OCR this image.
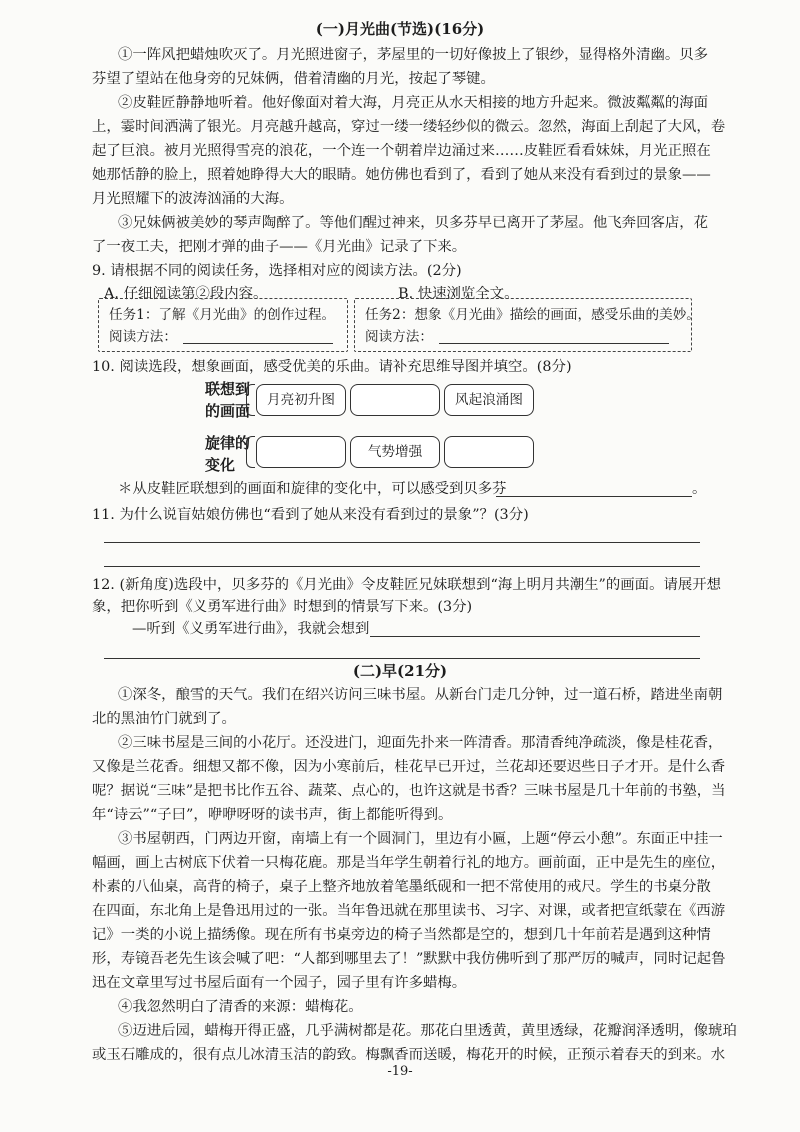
(一)月光曲(节选)(16分)
①一阵风把蜡烛吹灭了。月光照进窗子，茅屋里的一切好像披上了银纱，显得格外清幽。贝多
芬望了望站在他身旁的兄妹俩，借着清幽的月光，按起了琴键。
②皮鞋匠静静地听着。他好像面对着大海，月亮正从水天相接的地方升起来。微波粼粼的海面
上，霎时间洒满了银光。月亮越升越高，穿过一缕一缕轻纱似的微云。忽然，海面上刮起了大风，卷
起了巨浪。被月光照得雪亮的浪花，一个连一个朝着岸边涌过来……皮鞋匠看看妹妹，月光正照在
她那恬静的脸上，照着她睁得大大的眼睛。她仿佛也看到了，看到了她从来没有看到过的景象——
月光照耀下的波涛汹涌的大海。
③兄妹俩被美妙的琴声陶醉了。等他们醒过神来，贝多芬早已离开了茅屋。他飞奔回客店，花
了一夜工夫，把刚才弹的曲子——《月光曲》记录了下来。
9. 请根据不同的阅读任务，选择相对应的阅读方法。(2分)
A. 仔细阅读第②段内容。	B. 快速浏览全文。
任务1：了解《月光曲》的创作过程。
阅读方法：
任务2：想象《月光曲》描绘的画面，感受乐曲的美妙。
阅读方法：
10. 阅读选段，想象画面，感受优美的乐曲。请补充思维导图并填空。(8分)
联想到
的画面
月亮初升图	风起浪涌图
旋律的
变化
气势增强
＊从皮鞋匠联想到的画面和旋律的变化中，可以感受到贝多芬	。
11. 为什么说盲姑娘仿佛也“看到了她从来没有看到过的景象”？(3分)
12. (新角度)选段中，贝多芬的《月光曲》令皮鞋匠兄妹联想到“海上明月共潮生”的画面。请展开想
象，把你听到《义勇军进行曲》时想到的情景写下来。(3分)
—听到《义勇军进行曲》，我就会想到
(二)早(21分)
①深冬，酿雪的天气。我们在绍兴访问三味书屋。从新台门走几分钟，过一道石桥，踏进坐南朝
北的黑油竹门就到了。
②三味书屋是三间的小花厅。还没进门，迎面先扑来一阵清香。那清香纯净疏淡，像是桂花香，
又像是兰花香。细想又都不像，因为小寒前后，桂花早已开过，兰花却还要迟些日子才开。是什么香
呢？据说“三味”是把书比作五谷、蔬菜、点心的，也许这就是书香？三味书屋是几十年前的书塾，当
年“诗云”“子曰”，咿咿呀呀的读书声，街上都能听得到。
③书屋朝西，门两边开窗，南墙上有一个圆洞门，里边有小匾，上题“停云小憩”。东面正中挂一
幅画，画上古树底下伏着一只梅花鹿。那是当年学生朝着行礼的地方。画前面，正中是先生的座位，
朴素的八仙桌，高背的椅子，桌子上整齐地放着笔墨纸砚和一把不常使用的戒尺。学生的书桌分散
在四面，东北角上是鲁迅用过的一张。当年鲁迅就在那里读书、习字、对课，或者把宣纸蒙在《西游
记》一类的小说上描绣像。现在所有书桌旁边的椅子当然都是空的，想到几十年前若是遇到这种情
形，寿镜吾老先生该会喊了吧：“人都到哪里去了！”默默中我仿佛听到了那严厉的喊声，同时记起鲁
迅在文章里写过书屋后面有一个园子，园子里有许多蜡梅。
④我忽然明白了清香的来源：蜡梅花。
⑤迈进后园，蜡梅开得正盛，几乎满树都是花。那花白里透黄，黄里透绿，花瓣润泽透明，像琥珀
或玉石雕成的，很有点儿冰清玉洁的韵致。梅飘香而送暖，梅花开的时候，正预示着春天的到来。水
-19-
